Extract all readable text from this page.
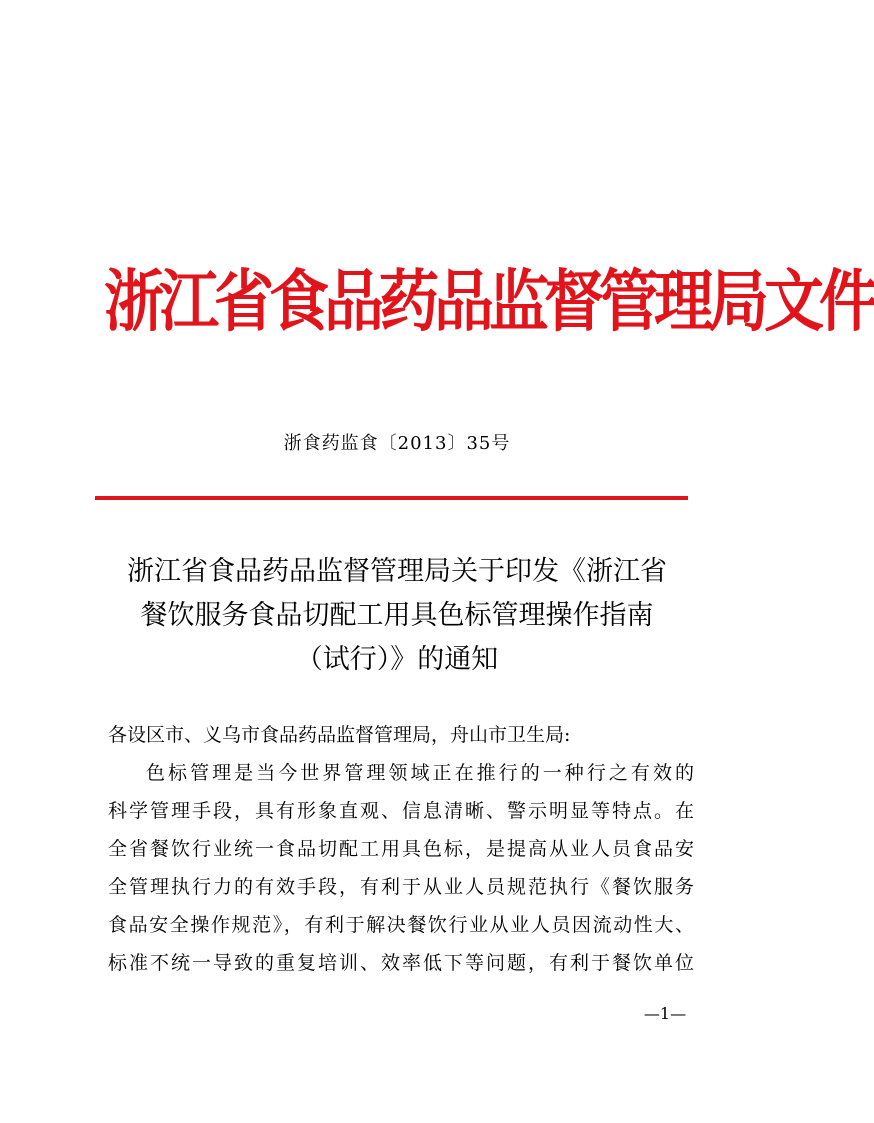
浙江省食品药品监督管理局文件
浙食药监食〔2013〕35号
浙江省食品药品监督管理局关于印发《浙江省
餐饮服务食品切配工用具色标管理操作指南
（试行）》的通知
各设区市、义乌市食品药品监督管理局，舟山市卫生局:
色标管理是当今世界管理领域正在推行的一种行之有效的
科学管理手段，具有形象直观、信息清晰、警示明显等特点。在
全省餐饮行业统一食品切配工用具色标，是提高从业人员食品安
全管理执行力的有效手段，有利于从业人员规范执行《餐饮服务
食品安全操作规范》，有利于解决餐饮行业从业人员因流动性大、
标准不统一导致的重复培训、效率低下等问题，有利于餐饮单位
—1—
